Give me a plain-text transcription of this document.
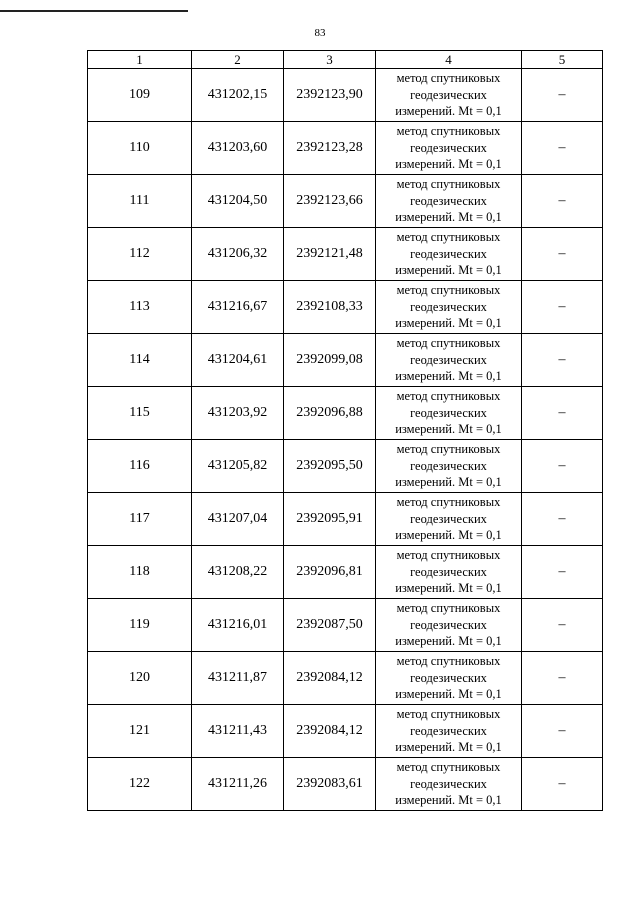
83
1	2	3	4	5
109	431202,15	2392123,90	метод спутниковых
геодезических
измерений. Mt = 0,1	–
110	431203,60	2392123,28	метод спутниковых
геодезических
измерений. Mt = 0,1	–
111	431204,50	2392123,66	метод спутниковых
геодезических
измерений. Mt = 0,1	–
112	431206,32	2392121,48	метод спутниковых
геодезических
измерений. Mt = 0,1	–
113	431216,67	2392108,33	метод спутниковых
геодезических
измерений. Mt = 0,1	–
114	431204,61	2392099,08	метод спутниковых
геодезических
измерений. Mt = 0,1	–
115	431203,92	2392096,88	метод спутниковых
геодезических
измерений. Mt = 0,1	–
116	431205,82	2392095,50	метод спутниковых
геодезических
измерений. Mt = 0,1	–
117	431207,04	2392095,91	метод спутниковых
геодезических
измерений. Mt = 0,1	–
118	431208,22	2392096,81	метод спутниковых
геодезических
измерений. Mt = 0,1	–
119	431216,01	2392087,50	метод спутниковых
геодезических
измерений. Mt = 0,1	–
120	431211,87	2392084,12	метод спутниковых
геодезических
измерений. Mt = 0,1	–
121	431211,43	2392084,12	метод спутниковых
геодезических
измерений. Mt = 0,1	–
122	431211,26	2392083,61	метод спутниковых
геодезических
измерений. Mt = 0,1	–
